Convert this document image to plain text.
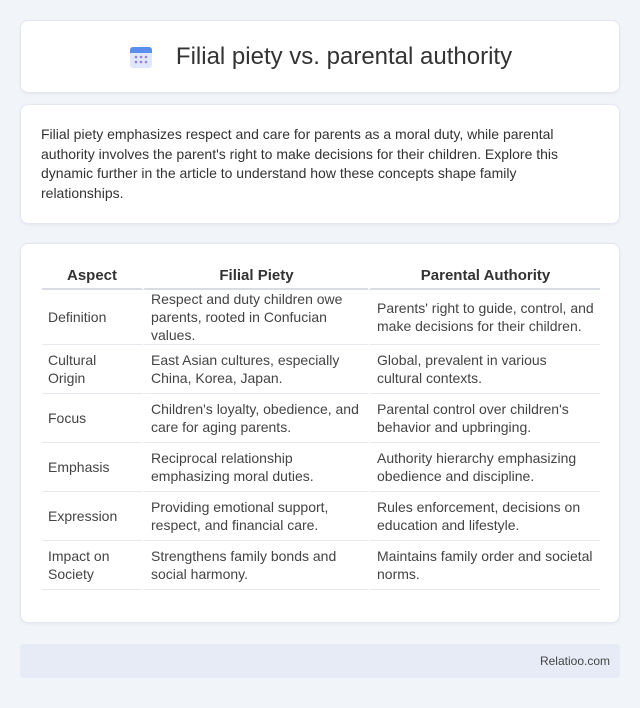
Filial piety vs. parental authority

Filial piety emphasizes respect and care for parents as a moral duty, while parental authority involves the parent's right to make decisions for their children. Explore this dynamic further in the article to understand how these concepts shape family relationships.

Aspect	Filial Piety	Parental Authority
Definition	Respect and duty children owe parents, rooted in Confucian values.	Parents' right to guide, control, and make decisions for their children.
Cultural Origin	East Asian cultures, especially China, Korea, Japan.	Global, prevalent in various cultural contexts.
Focus	Children's loyalty, obedience, and care for aging parents.	Parental control over children's behavior and upbringing.
Emphasis	Reciprocal relationship emphasizing moral duties.	Authority hierarchy emphasizing obedience and discipline.
Expression	Providing emotional support, respect, and financial care.	Rules enforcement, decisions on education and lifestyle.
Impact on Society	Strengthens family bonds and social harmony.	Maintains family order and societal norms.
Relatioo.com
